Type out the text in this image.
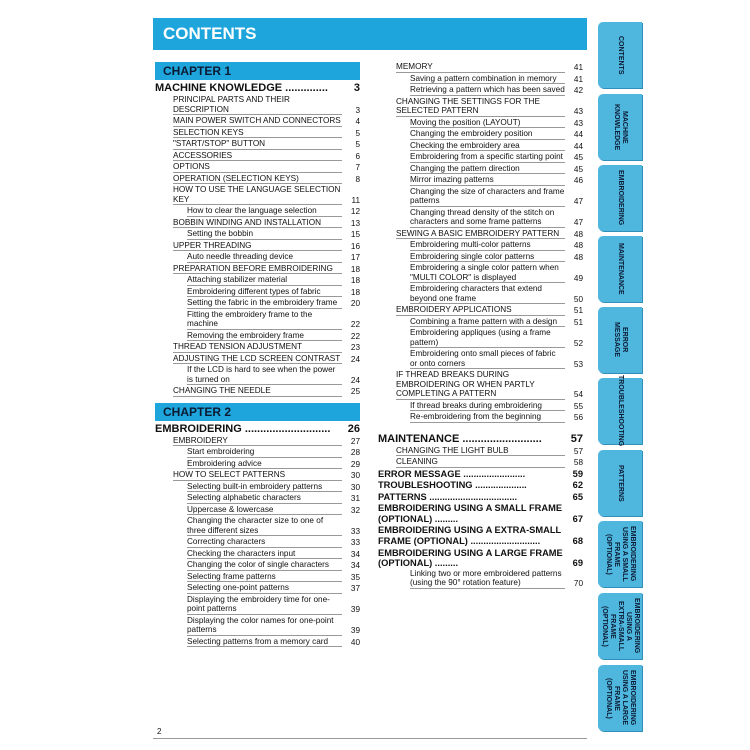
CONTENTS
CHAPTER 1
MACHINE KNOWLEDGE ..............	3
PRINCIPAL PARTS AND THEIR DESCRIPTION	3
MAIN POWER SWITCH AND CONNECTORS 4
SELECTION KEYS	5
"START/STOP" BUTTON	5
ACCESSORIES	6
OPTIONS	7
OPERATION (SELECTION KEYS)	8
HOW TO USE THE LANGUAGE SELECTION KEY	11
How to clear the language selection	12
BOBBIN WINDING AND INSTALLATION	13
Setting the bobbin	15
UPPER THREADING	16
Auto needle threading device	17
PREPARATION BEFORE EMBROIDERING	18
Attaching stabilizer material	18
Embroidering different types of fabric	18
Setting the fabric in the embroidery frame	20
Fitting the embroidery frame to the machine	22
Removing the embroidery frame	22
THREAD TENSION ADJUSTMENT	23
ADJUSTING THE LCD SCREEN CONTRAST 24
If the LCD is hard to see when the power is turned on	24
CHANGING THE NEEDLE	25
CHAPTER 2
EMBROIDERING ............................	26
EMBROIDERY	27
Start embroidering	28
Embroidering advice	29
HOW TO SELECT PATTERNS	30
Selecting built-in embroidery patterns	30
Selecting alphabetic characters	31
Uppercase & lowercase	32
Changing the character size to one of three different sizes	33
Correcting characters	33
Checking the characters input	34
Changing the color of single characters	34
Selecting frame patterns	35
Selecting one-point patterns	37
Displaying the embroidery time for one-point patterns	39
Displaying the color names for one-point patterns	39
Selecting patterns from a memory card	40
MEMORY	41
Saving a pattern combination in memory	41
Retrieving a pattern which has been saved 42
CHANGING THE SETTINGS FOR THE SELECTED PATTERN	43
Moving the position (LAYOUT)	43
Changing the embroidery position	44
Checking the embroidery area	44
Embroidering from a specific starting point 45
Changing the pattern direction	45
Mirror imazing patterns	46
Changing the size of characters and frame patterns	47
Changing thread density of the stitch on characters and some frame patterns	47
SEWING A BASIC EMBROIDERY PATTERN	48
Embroidering multi-color patterns	48
Embroidering single color patterns	48
Embroidering a single color pattern when "MULTI COLOR" is displayed	49
Embroidering characters that extend beyond one frame	50
EMBROIDERY APPLICATIONS	51
Combining a frame pattern with a design	51
Embroidering appliques (using a frame pattern)	52
Embroidering onto small pieces of fabric or onto corners	53
IF THREAD BREAKS DURING EMBROIDERING OR WHEN PARTLY COMPLETING A PATTERN	54
If thread breaks during embroidering	55
Re-embroidering from the beginning	56
MAINTENANCE ..........................	57
CHANGING THE LIGHT BULB	57
CLEANING	58
ERROR MESSAGE ........................	59
TROUBLESHOOTING ....................	62
PATTERNS ..................................	65
EMBROIDERING USING A SMALL FRAME (OPTIONAL) .........	67
EMBROIDERING USING A EXTRA-SMALL FRAME (OPTIONAL) ...........................	68
EMBROIDERING USING A LARGE FRAME (OPTIONAL) .........	69
Linking two or more embroidered patterns (using the 90° rotation feature)	70
CONTENTS
MACHINE
KNOWLEDGE
EMBROIDERING
MAINTENANCE
ERROR
MESSAGE
TROUBLESHOOTING
PATTERNS
EMBROIDERING
USING A SMALL
FRAME
(OPTIONAL)
EMBROIDERING
USING A
EXTRA-SMALL
FRAME (OPTIONAL)
EMBROIDERING
USING A LARGE
FRAME
(OPTIONAL)
2
